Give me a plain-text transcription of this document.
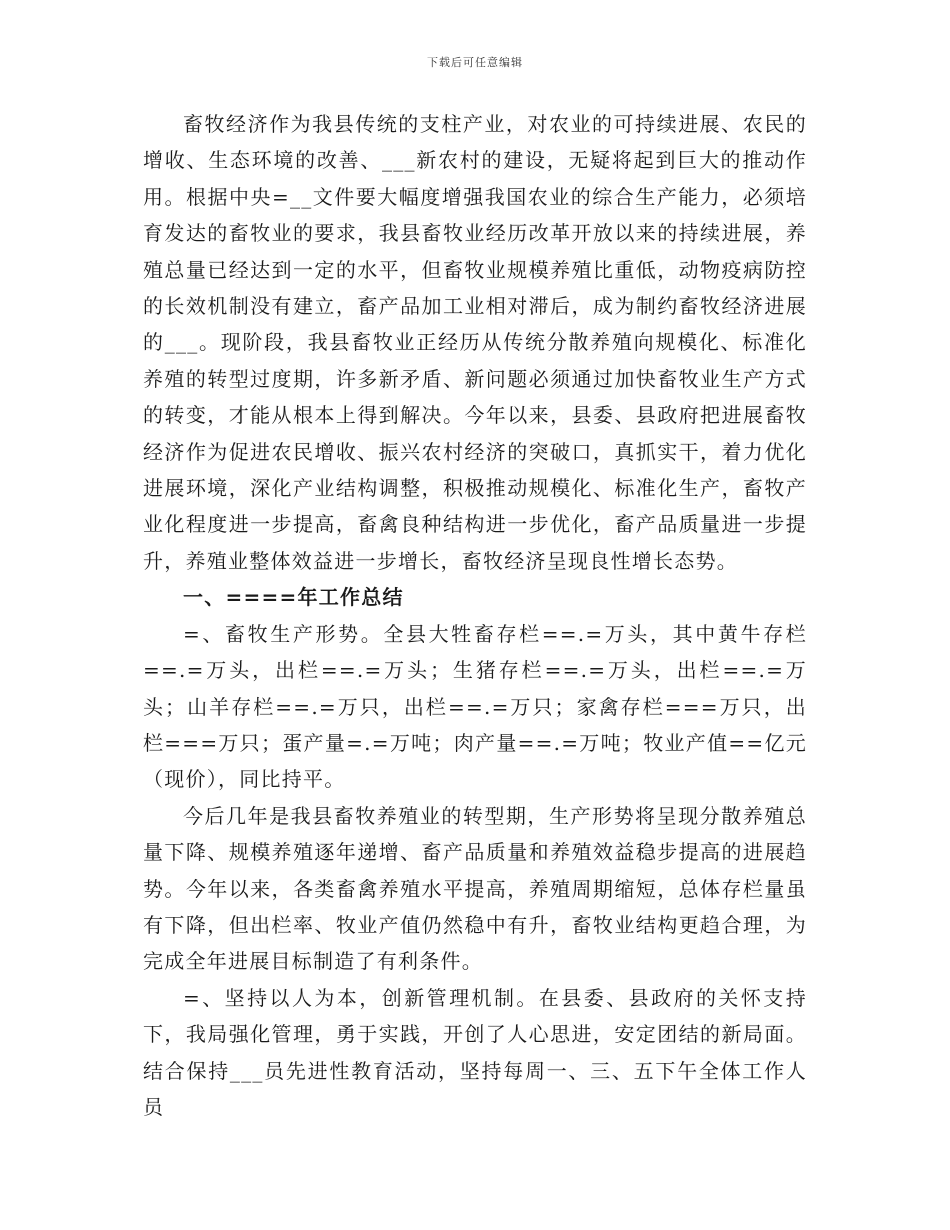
下载后可任意编辑

畜牧经济作为我县传统的支柱产业，对农业的可持续进展、农民的增收、生态环境的改善、___新农村的建设，无疑将起到巨大的推动作用。根据中央=__文件要大幅度增强我国农业的综合生产能力，必须培育发达的畜牧业的要求，我县畜牧业经历改革开放以来的持续进展，养殖总量已经达到一定的水平，但畜牧业规模养殖比重低，动物疫病防控的长效机制没有建立，畜产品加工业相对滞后，成为制约畜牧经济进展的___。现阶段，我县畜牧业正经历从传统分散养殖向规模化、标准化养殖的转型过度期，许多新矛盾、新问题必须通过加快畜牧业生产方式的转变，才能从根本上得到解决。今年以来，县委、县政府把进展畜牧经济作为促进农民增收、振兴农村经济的突破口，真抓实干，着力优化进展环境，深化产业结构调整，积极推动规模化、标准化生产，畜牧产业化程度进一步提高，畜禽良种结构进一步优化，畜产品质量进一步提升，养殖业整体效益进一步增长，畜牧经济呈现良性增长态势。

一、====年工作总结

=、畜牧生产形势。全县大牲畜存栏==.=万头，其中黄牛存栏==.=万头，出栏==.=万头；生猪存栏==.=万头，出栏==.=万头；山羊存栏==.=万只，出栏==.=万只；家禽存栏===万只，出栏===万只；蛋产量=.=万吨；肉产量==.=万吨；牧业产值==亿元（现价），同比持平。

今后几年是我县畜牧养殖业的转型期，生产形势将呈现分散养殖总量下降、规模养殖逐年递增、畜产品质量和养殖效益稳步提高的进展趋势。今年以来，各类畜禽养殖水平提高，养殖周期缩短，总体存栏量虽有下降，但出栏率、牧业产值仍然稳中有升，畜牧业结构更趋合理，为完成全年进展目标制造了有利条件。

=、坚持以人为本，创新管理机制。在县委、县政府的关怀支持下，我局强化管理，勇于实践，开创了人心思进，安定团结的新局面。结合保持___员先进性教育活动，坚持每周一、三、五下午全体工作人员
